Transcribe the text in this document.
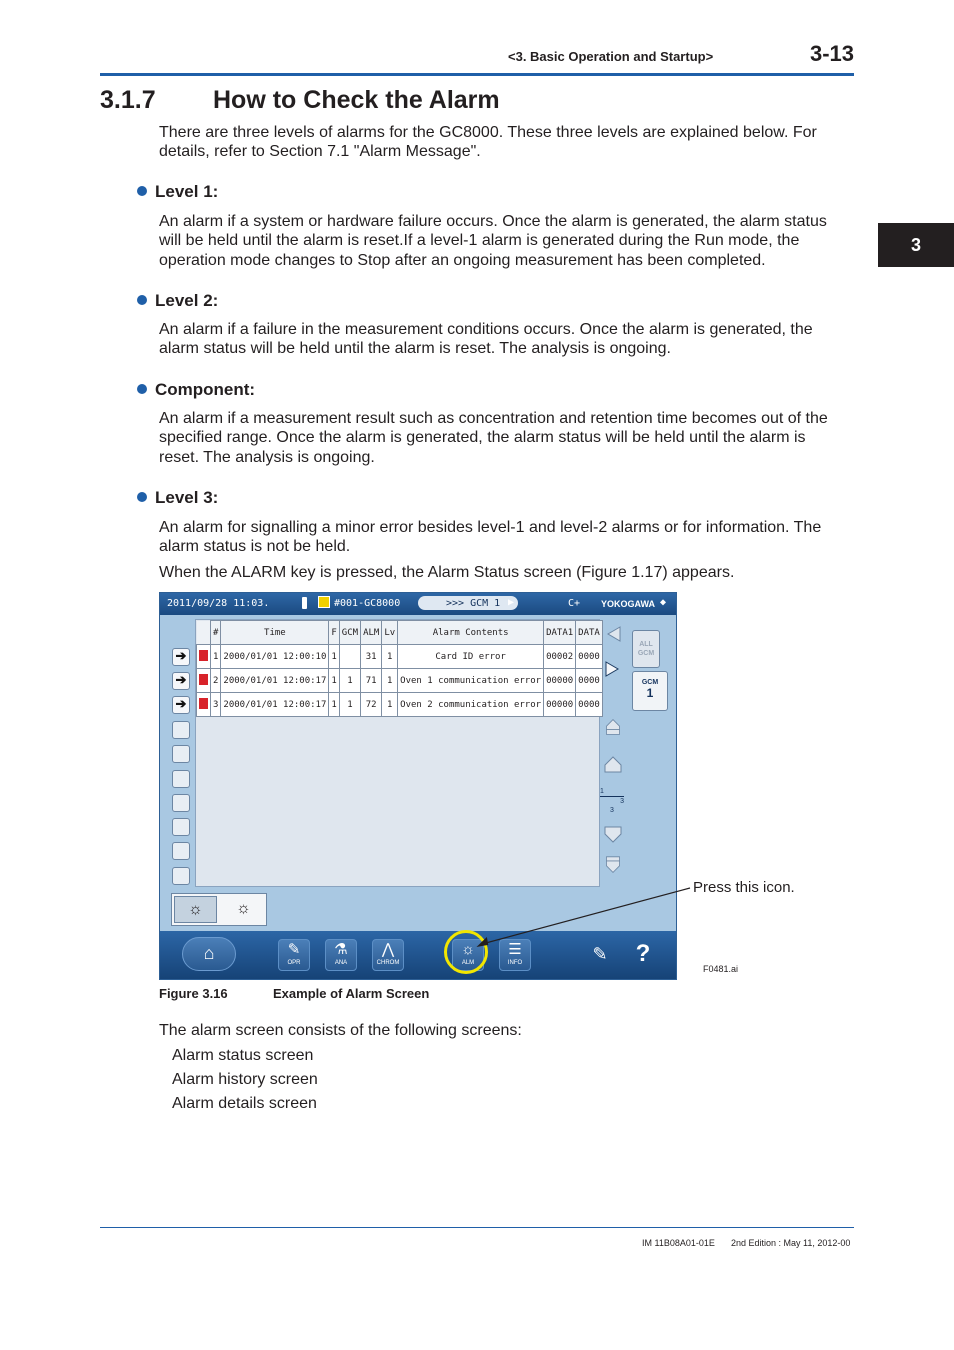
<3. Basic Operation and Startup>	3-13
3.1.7 How to Check the Alarm
There are three levels of alarms for the GC8000. These three levels are explained below. For details, refer to Section 7.1 "Alarm Message".
Level 1:
An alarm if a system or hardware failure occurs. Once the alarm is generated, the alarm status will be held until the alarm is reset.If a level-1 alarm is generated during the Run mode, the operation mode changes to Stop after an ongoing measurement has been completed.
Level 2:
An alarm if a failure in the measurement conditions occurs. Once the alarm is generated, the alarm status will be held until the alarm is reset. The analysis is ongoing.
Component:
An alarm if a measurement result such as concentration and retention time becomes out of the specified range. Once the alarm is generated, the alarm status will be held until the alarm is reset. The analysis is ongoing.
Level 3:
An alarm for signalling a minor error besides level-1 and level-2 alarms or for information. The alarm status is not be held.
When the ALARM key is pressed, the Alarm Status screen (Figure 1.17) appears.
3
2011/09/28 11:03.	#001-GC8000	>>> GCM 1 ▶	C+ YOKOGAWA ◆
➔
➔
➔
	#	Time	F	GCM	ALM	Lv	Alarm Contents	DATA1	DATA
	1	2000/01/01 12:00:10	1		31	1	Card ID error	00002	0000
	2	2000/01/01 12:00:17	1	1	71	1	Oven 1 communication error	00000	0000
	3	2000/01/01 12:00:17	1	1	72	1	Oven 2 communication error	00000	0000
1
3
3
ALL
GCM
GCM
1
☼	☼
⌂	✎
OPR
⚗
ANA
⋀
CHROM
☼
ALM
☰
INFO	✎	?
Press this icon.
F0481.ai
Figure 3.16	Example of Alarm Screen
The alarm screen consists of the following screens:
Alarm status screen
Alarm history screen
Alarm details screen
IM 11B08A01-01E 2nd Edition : May 11, 2012-00
